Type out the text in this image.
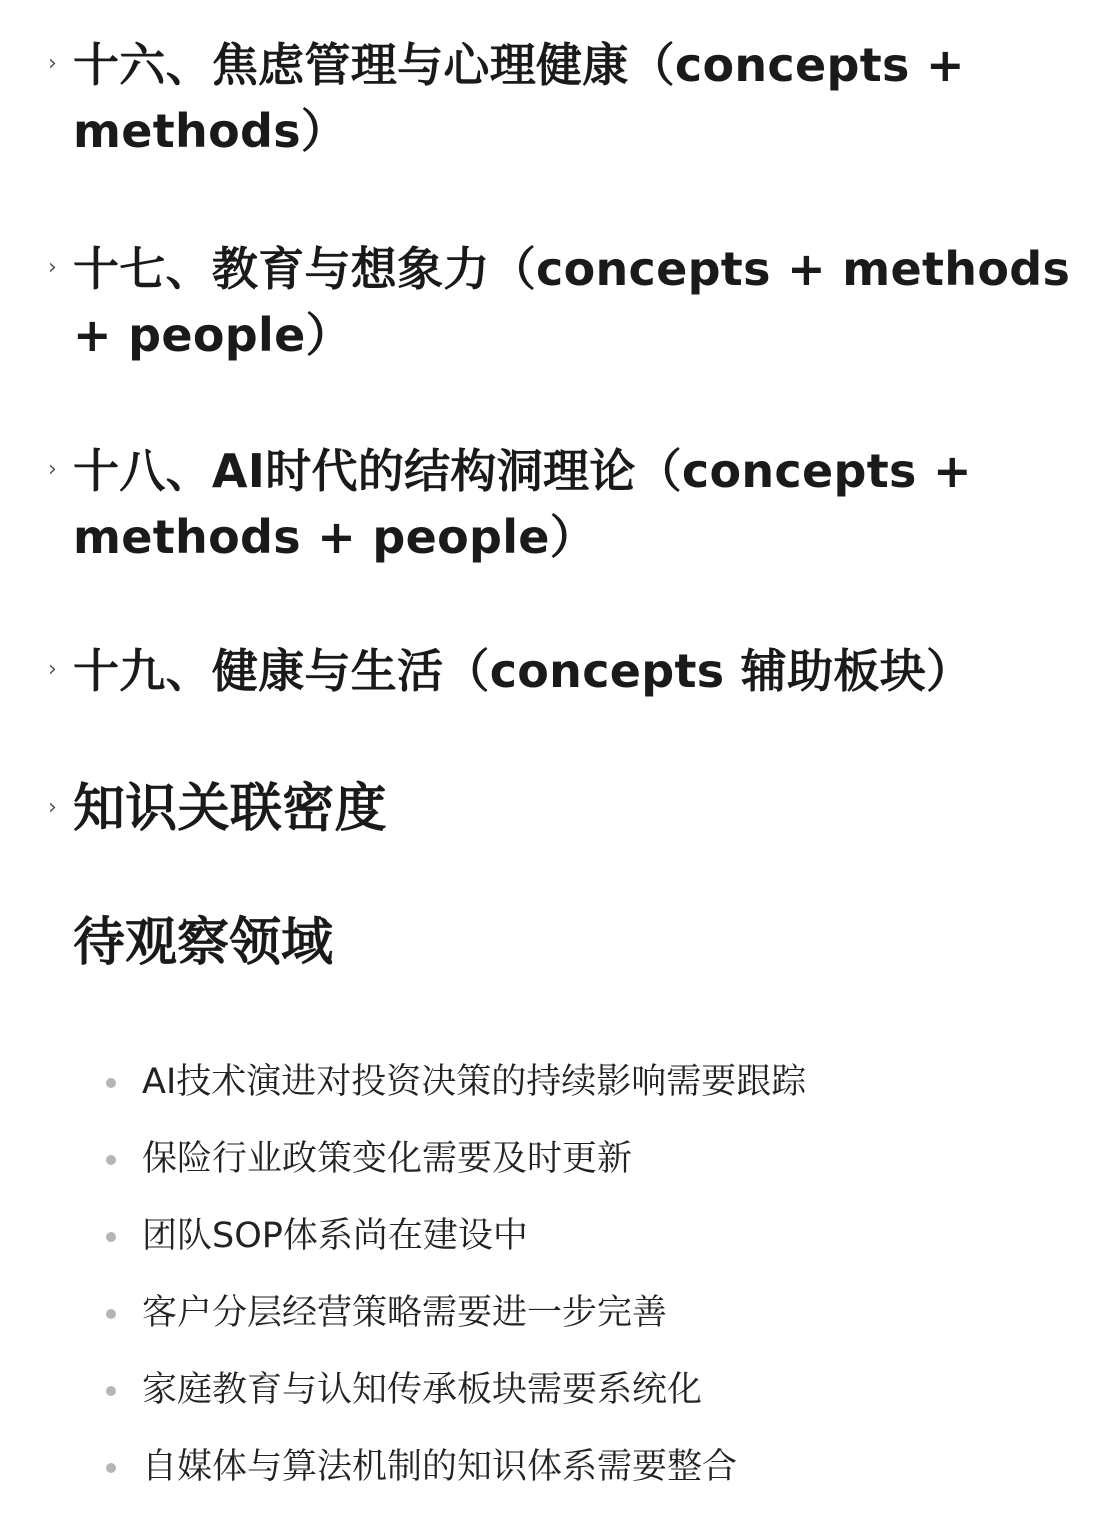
› 十六、焦虑管理与心理健康（concepts + methods）
› 十七、教育与想象力（concepts + methods + people）
› 十八、AI时代的结构洞理论（concepts + methods + people）
› 十九、健康与生活（concepts 辅助板块）
› 知识关联密度
待观察领域
AI技术演进对投资决策的持续影响需要跟踪
保险行业政策变化需要及时更新
团队SOP体系尚在建设中
客户分层经营策略需要进一步完善
家庭教育与认知传承板块需要系统化
自媒体与算法机制的知识体系需要整合
